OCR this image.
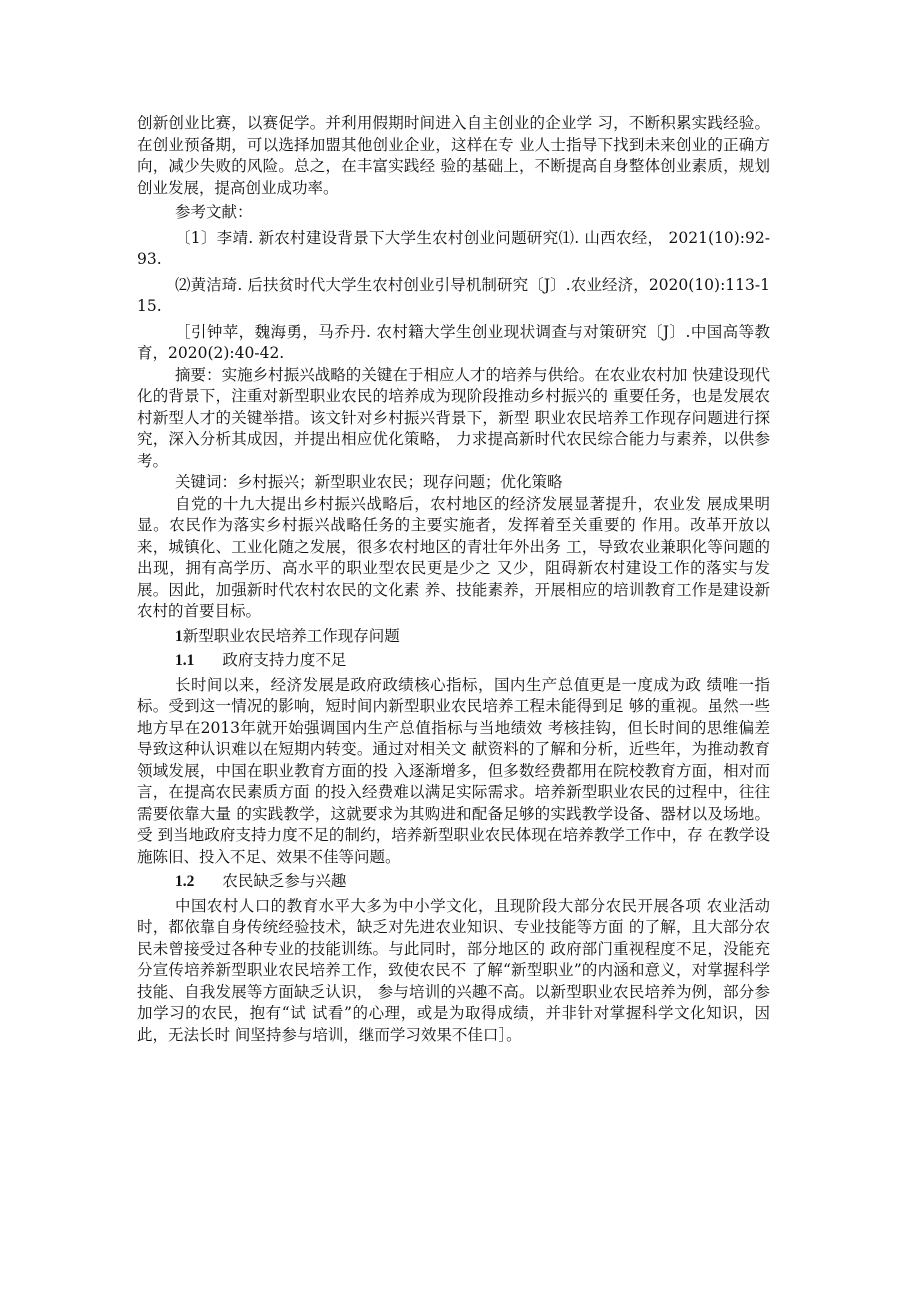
创新创业比赛，以赛促学。并利用假期时间进入自主创业的企业学 习，不断积累实践经验。在创业预备期，可以选择加盟其他创业企业，这样在专 业人士指导下找到未来创业的正确方向，减少失败的风险。总之，在丰富实践经 验的基础上，不断提高自身整体创业素质，规划创业发展，提高创业成功率。

参考文献：

〔1〕李靖. 新农村建设背景下大学生农村创业问题研究⑴. 山西农经， 2021(10):92-93.

⑵黄洁琦. 后扶贫时代大学生农村创业引导机制研究〔J〕.农业经济，2020(10):113-115.

［引钟苹，魏海勇，马乔丹. 农村籍大学生创业现状调查与对策研究〔J〕.中国高等教育，2020(2):40-42.

摘要：实施乡村振兴战略的关键在于相应人才的培养与供给。在农业农村加 快建设现代化的背景下，注重对新型职业农民的培养成为现阶段推动乡村振兴的 重要任务，也是发展农村新型人才的关键举措。该文针对乡村振兴背景下，新型 职业农民培养工作现存问题进行探究，深入分析其成因，并提出相应优化策略， 力求提高新时代农民综合能力与素养，以供参考。

关键词：乡村振兴；新型职业农民；现存问题；优化策略

自党的十九大提出乡村振兴战略后，农村地区的经济发展显著提升，农业发 展成果明显。农民作为落实乡村振兴战略任务的主要实施者，发挥着至关重要的 作用。改革开放以来，城镇化、工业化随之发展，很多农村地区的青壮年外出务 工，导致农业兼职化等问题的出现，拥有高学历、高水平的职业型农民更是少之 又少，阻碍新农村建设工作的落实与发展。因此，加强新时代农村农民的文化素 养、技能素养，开展相应的培训教育工作是建设新农村的首要目标。

1新型职业农民培养工作现存问题

1.1 政府支持力度不足

长时间以来，经济发展是政府政绩核心指标，国内生产总值更是一度成为政 绩唯一指标。受到这一情况的影响，短时间内新型职业农民培养工程未能得到足 够的重视。虽然一些地方早在2013年就开始强调国内生产总值指标与当地绩效 考核挂钩，但长时间的思维偏差导致这种认识难以在短期内转变。通过对相关文 献资料的了解和分析，近些年，为推动教育领域发展，中国在职业教育方面的投 入逐渐增多，但多数经费都用在院校教育方面，相对而言，在提高农民素质方面 的投入经费难以满足实际需求。培养新型职业农民的过程中，往往需要依靠大量 的实践教学，这就要求为其购进和配备足够的实践教学设备、器材以及场地。受 到当地政府支持力度不足的制约，培养新型职业农民体现在培养教学工作中，存 在教学设施陈旧、投入不足、效果不佳等问题。

1.2 农民缺乏参与兴趣

中国农村人口的教育水平大多为中小学文化，且现阶段大部分农民开展各项 农业活动时，都依靠自身传统经验技术，缺乏对先进农业知识、专业技能等方面 的了解，且大部分农民未曾接受过各种专业的技能训练。与此同时，部分地区的 政府部门重视程度不足，没能充分宣传培养新型职业农民培养工作，致使农民不 了解“新型职业”的内涵和意义，对掌握科学技能、自我发展等方面缺乏认识， 参与培训的兴趣不高。以新型职业农民培养为例，部分参加学习的农民，抱有“试 试看”的心理，或是为取得成绩，并非针对掌握科学文化知识，因此，无法长时 间坚持参与培训，继而学习效果不佳口］。
